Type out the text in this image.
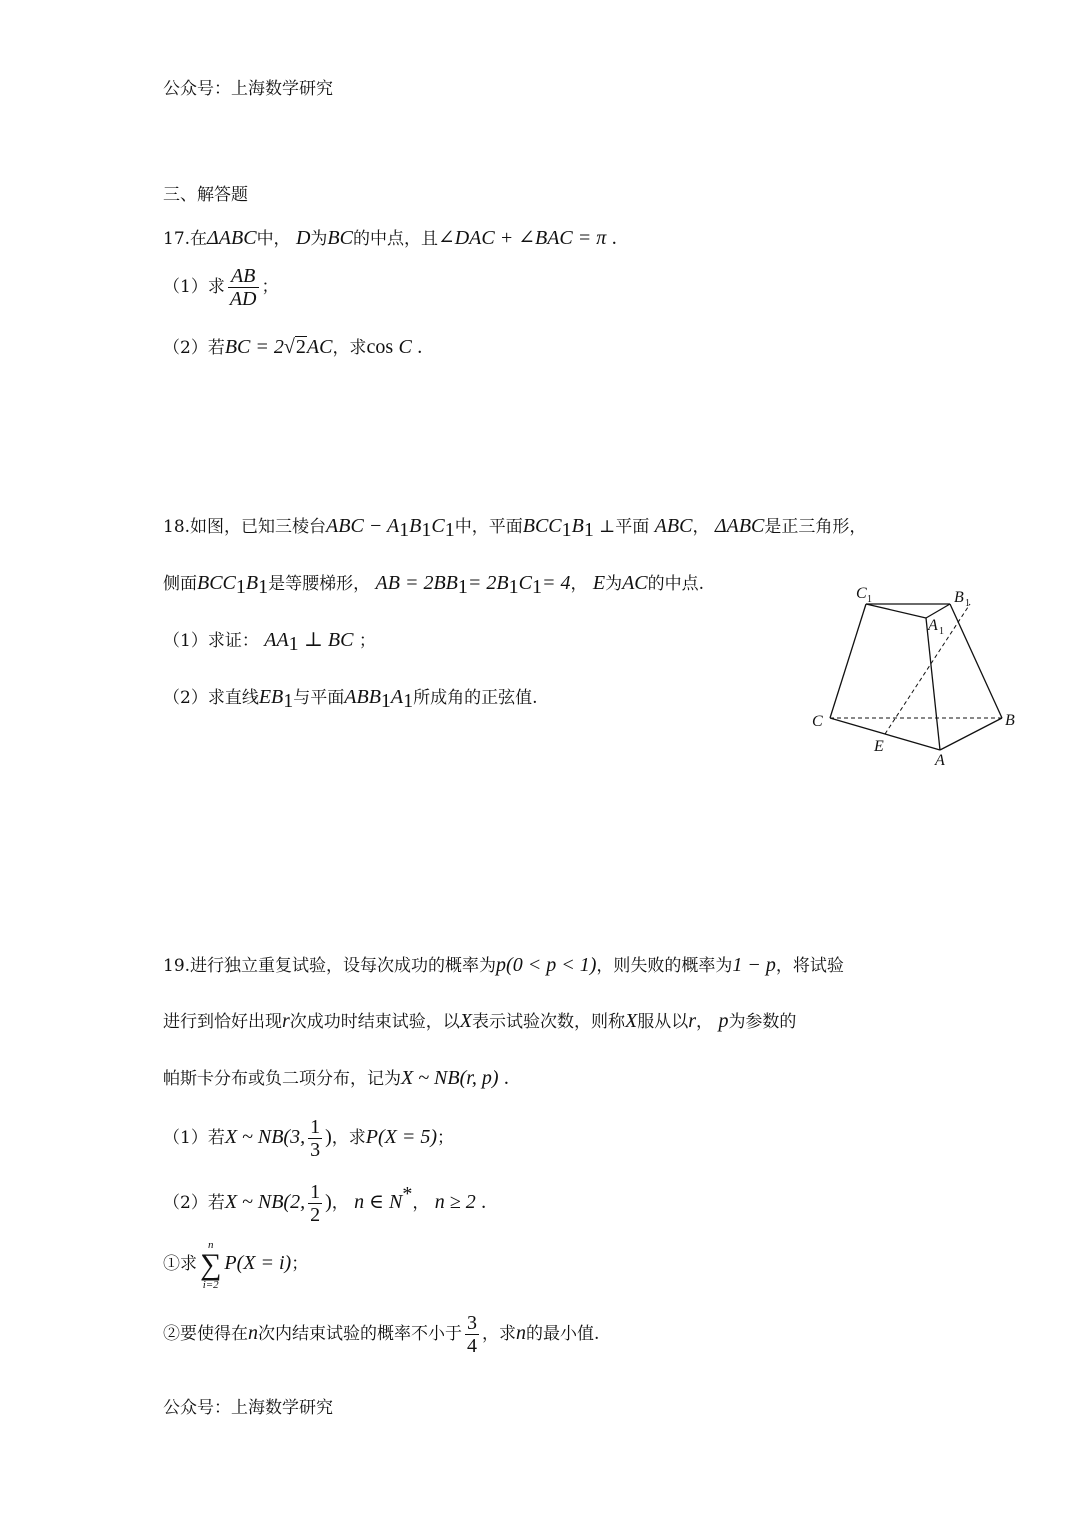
公众号：上海数学研究
三、解答题
17.在ΔABC中， D为BC的中点，且∠DAC + ∠BAC = π .
（1）求 $\frac{AB}{AD}$ ；
（2）若BC = 2√2AC，求cos C .
18.如图，已知三棱台ABC − $A_1B_1C_1$中，平面$BCC_1B_1$ ⊥平面 ABC， ΔABC是正三角形，
侧面$BCC_1B_1$是等腰梯形， AB = $2BB_1= 2B_1C_1= 4$， E为AC的中点.
（1）求证： $AA_1$ ⊥ BC ；
（2）求直线$EB_1$与平面$ABB_1A_1$所成角的正弦值.
C 1	B 1
A 1
C	B
E
A
19.进行独立重复试验，设每次成功的概率为p(0 < p < 1)，则失败的概率为1 − p，将试验
进行到恰好出现r次成功时结束试验，以X表示试验次数，则称X服从以r， p为参数的
帕斯卡分布或负二项分布，记为X ~ NB(r, p) .
（1）若X ~ NB(3, $\frac{1}{3}$ )，求P(X = 5)；
（2）若X ~ NB(2, $\frac{1}{2}$ )， n ∈ N*， n ≥ 2 .
①求
n
∑
i=2
P(X = i)；
②要使得在n次内结束试验的概率不小于 $\frac{3}{4}$ ，求n的最小值.
公众号：上海数学研究
